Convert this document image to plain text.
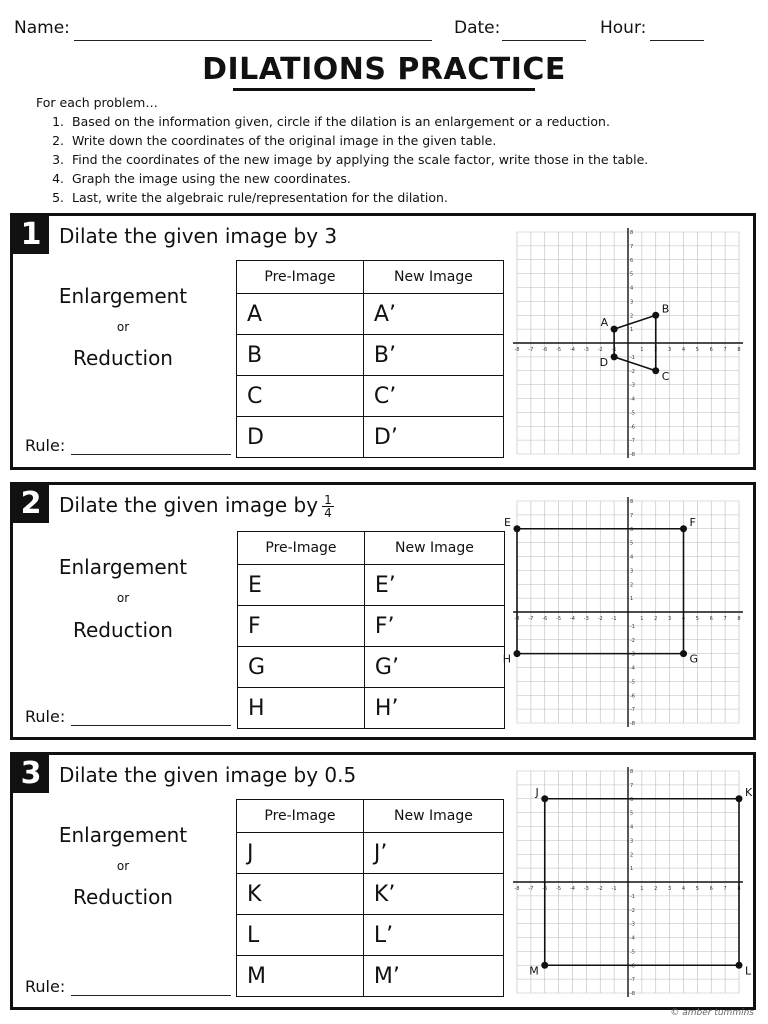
Name:	Date:	Hour:
DILATIONS PRACTICE
For each problem…
1. Based on the information given, circle if the dilation is an enlargement or a reduction.
2. Write down the coordinates of the original image in the given table.
3. Find the coordinates of the new image by applying the scale factor, write those in the table.
4. Graph the image using the new coordinates.
5. Last, write the algebraic rule/representation for the dilation.
1 Dilate the given image by 3
Enlargement
or
Reduction
Rule:
Pre-Image	New Image
A	A’
B	B’
C	C’
D	D’
-8
-8
-7
-7
-6
-6
-5
-5
-4
-4
-3
-3
-2
-2
-1
-1
1
1
2
2
3
3
4
4
5
5
6
6
7
7
8
8
A
B
C
D
2 Dilate the given image by $\frac{1}{4}$
Enlargement
or
Reduction
Rule:
Pre-Image	New Image
E	E’
F	F’
G	G’
H	H’
-8
-8
-7
-7
-6
-6
-5
-5
-4
-4
-3
-3
-2
-2
-1
-1
1
1
2
2
3
3
4
4
5
5
6
6
7
7
8
8
E	F
G
H
3 Dilate the given image by 0.5
Enlargement
or
Reduction
Rule:
Pre-Image	New Image
J	J’
K	K’
L	L’
M	M’
-8
-8
-7
-7
-6
-6
-5
-5
-4
-4
-3
-3
-2
-2
-1
-1
1
1
2
2
3
3
4
4
5
5
6
6
7
7
8
8
J	K
L
M
© amber tummins
